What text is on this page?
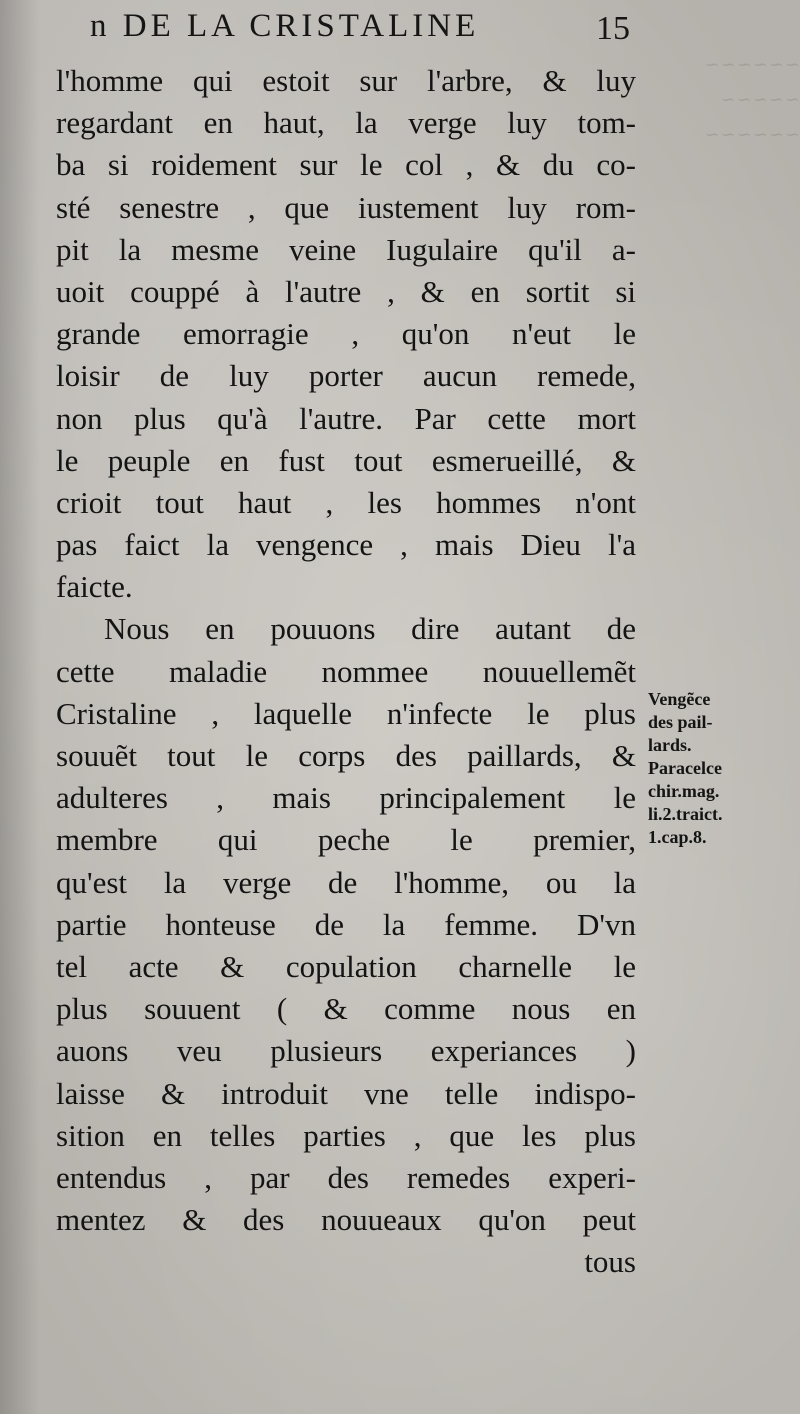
~~~~~~
~~~~~
~~~~~~
n DE LA CRISTALINE	15
l'homme qui estoit sur l'arbre, & luy
regardant en haut, la verge luy tom-
ba si roidement sur le col , & du co-
sté senestre , que iustement luy rom-
pit la mesme veine Iugulaire qu'il a-
uoit couppé à l'autre , & en sortit si
grande emorragie , qu'on n'eut le
loisir de luy porter aucun remede,
non plus qu'à l'autre. Par cette mort
le peuple en fust tout esmerueillé, &
crioit tout haut , les hommes n'ont
pas faict la vengence , mais Dieu l'a
faicte.
Nous en pouuons dire autant de
cette maladie nommee nouuellemẽt
Cristaline , laquelle n'infecte le plus
souuẽt tout le corps des paillards, &
adulteres , mais principalement le
membre qui peche le premier,
qu'est la verge de l'homme, ou la
partie honteuse de la femme. D'vn
tel acte & copulation charnelle le
plus souuent ( & comme nous en
auons veu plusieurs experiances )
laisse & introduit vne telle indispo-
sition en telles parties , que les plus
entendus , par des remedes experi-
mentez & des nouueaux qu'on peut
tous
Vengẽce
des pail-
lards.
Paracelce
chir.mag.
li.2.traict.
1.cap.8.
